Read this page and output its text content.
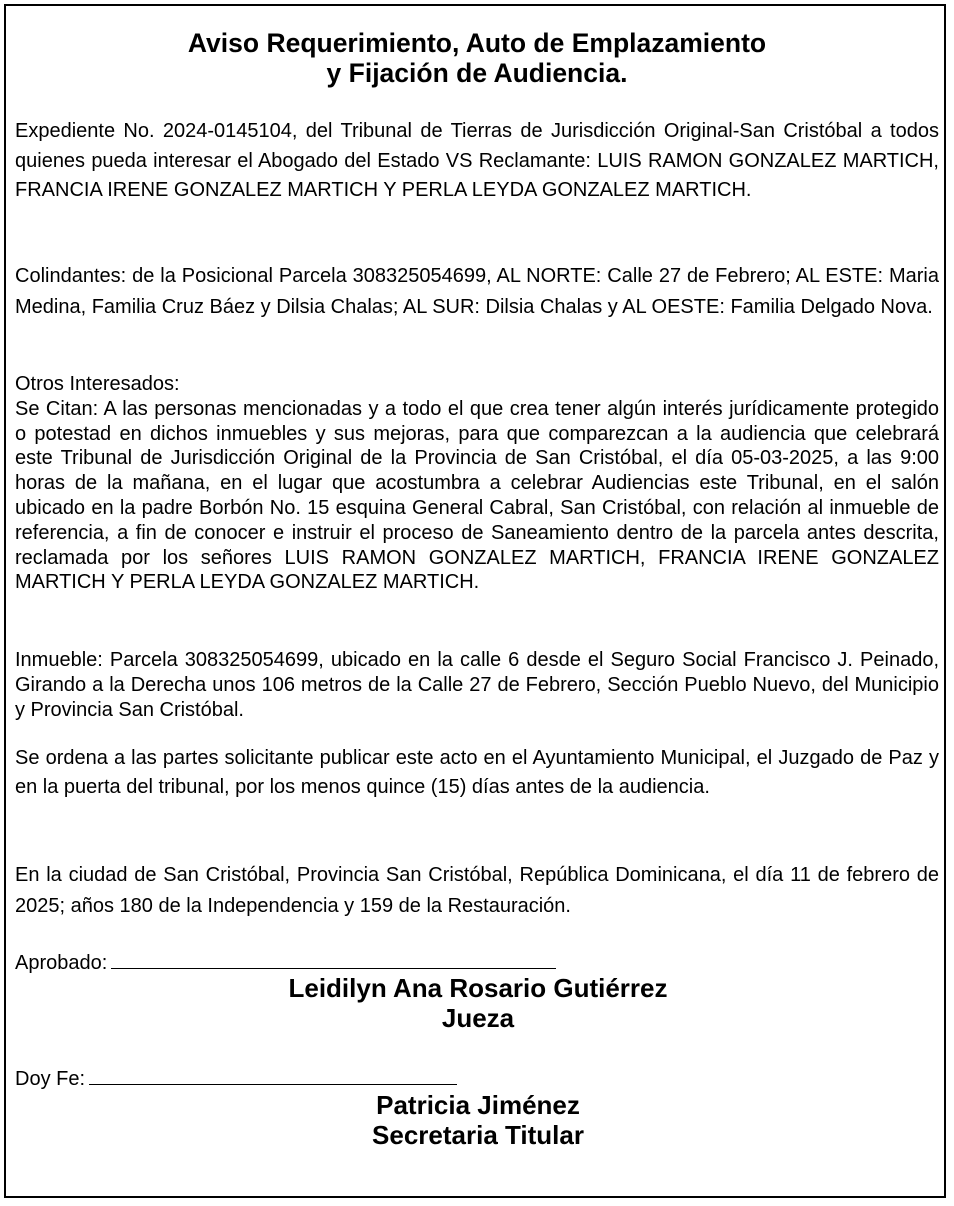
Aviso Requerimiento, Auto de Emplazamiento
y Fijación de Audiencia.

Expediente No. 2024-0145104, del Tribunal de Tierras de Jurisdicción Original-San Cristóbal a todos quienes pueda interesar el Abogado del Estado VS Reclamante: LUIS RAMON GONZALEZ MARTICH, FRANCIA IRENE GONZALEZ MARTICH Y PERLA LEYDA GONZALEZ MARTICH.

Colindantes: de la Posicional Parcela 308325054699, AL NORTE: Calle 27 de Febrero; AL ESTE: Maria Medina, Familia Cruz Báez y Dilsia Chalas; AL SUR: Dilsia Chalas y AL OESTE: Familia Delgado Nova.

Otros Interesados:
Se Citan: A las personas mencionadas y a todo el que crea tener algún interés jurídicamente protegido o potestad en dichos inmuebles y sus mejoras, para que comparezcan a la audiencia que celebrará este Tribunal de Jurisdicción Original de la Provincia de San Cristóbal, el día 05-03-2025, a las 9:00 horas de la mañana, en el lugar que acostumbra a celebrar Audiencias este Tribunal, en el salón ubicado en la padre Borbón No. 15 esquina General Cabral, San Cristóbal, con relación al inmueble de referencia, a fin de conocer e instruir el proceso de Saneamiento dentro de la parcela antes descrita, reclamada por los señores LUIS RAMON GONZALEZ MARTICH, FRANCIA IRENE GONZALEZ MARTICH Y PERLA LEYDA GONZALEZ MARTICH.

Inmueble: Parcela 308325054699, ubicado en la calle 6 desde el Seguro Social Francisco J. Peinado, Girando a la Derecha unos 106 metros de la Calle 27 de Febrero, Sección Pueblo Nuevo, del Municipio y Provincia San Cristóbal.

Se ordena a las partes solicitante publicar este acto en el Ayuntamiento Municipal, el Juzgado de Paz y en la puerta del tribunal, por los menos quince (15) días antes de la audiencia.

En la ciudad de San Cristóbal, Provincia San Cristóbal, República Dominicana, el día 11 de febrero de 2025; años 180 de la Independencia y 159 de la Restauración.

Aprobado:
Leidilyn Ana Rosario Gutiérrez
Jueza
Doy Fe:
Patricia Jiménez
Secretaria Titular
